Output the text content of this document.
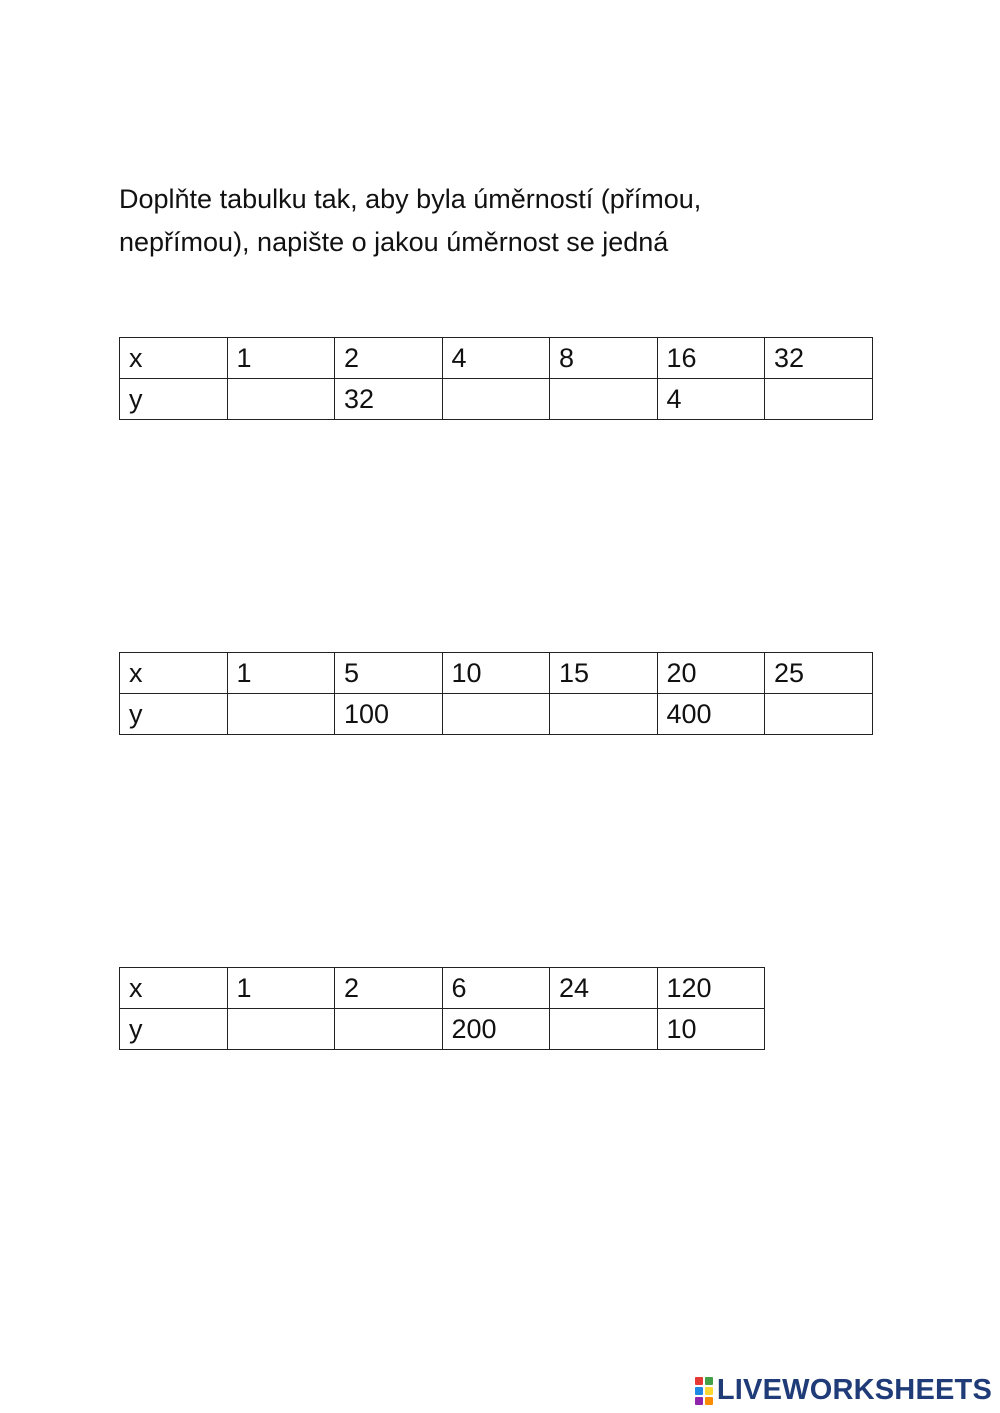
Doplňte tabulku tak, aby byla úměrností (přímou,
nepřímou), napište o jakou úměrnost se jedná
x	1	2	4	8	16	32
y		32			4	
x	1	5	10	15	20	25
y		100			400	
x	1	2	6	24	120
y			200		10
LIVEWORKSHEETS
